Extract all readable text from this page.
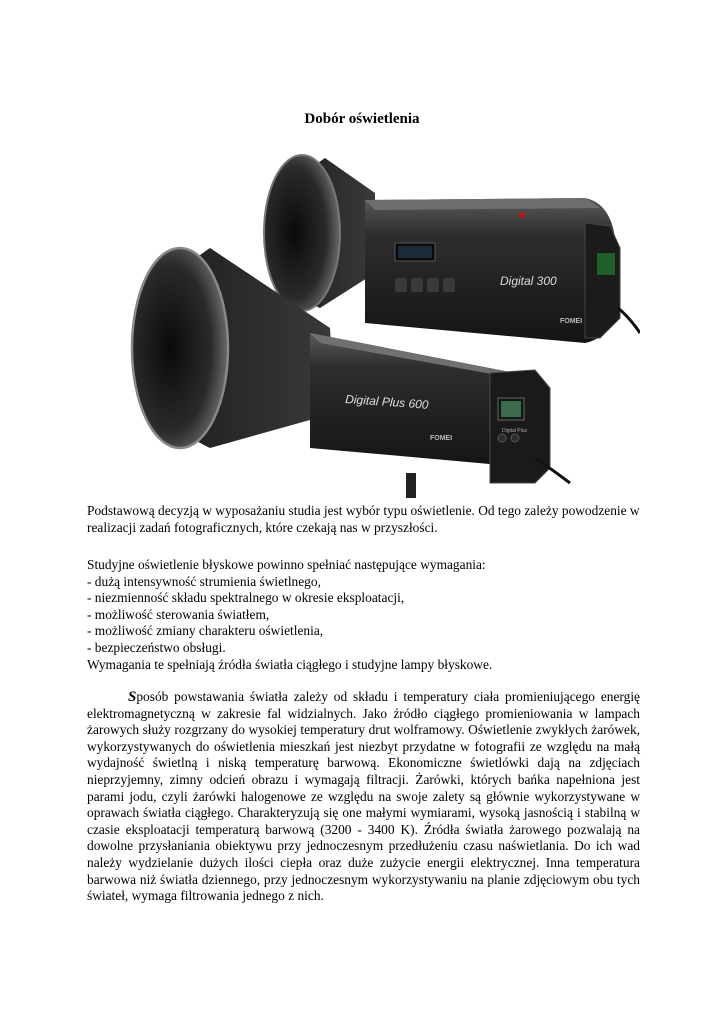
Dobór oświetlenia
Digital 300
FOMEI
Digital Plus 600
FOMEI
Digital Plus
Podstawową decyzją w wyposażaniu studia jest wybór typu oświetlenie. Od tego zależy powodzenie w realizacji zadań fotograficznych, które czekają nas w przyszłości.
Studyjne oświetlenie błyskowe powinno spełniać następujące wymagania:
- dużą intensywność strumienia świetlnego,
- niezmienność składu spektralnego w okresie eksploatacji,
- możliwość sterowania światłem,
- możliwość zmiany charakteru oświetlenia,
- bezpieczeństwo obsługi.
Wymagania te spełniają źródła światła ciągłego i studyjne lampy błyskowe.
Sposób powstawania światła zależy od składu i temperatury ciała promieniującego energię elektromagnetyczną w zakresie fal widzialnych. Jako źródło ciągłego promieniowania w lampach żarowych służy rozgrzany do wysokiej temperatury drut wolframowy. Oświetlenie zwykłych żarówek, wykorzystywanych do oświetlenia mieszkań jest niezbyt przydatne w fotografii ze względu na małą wydajność świetlną i niską temperaturę barwową. Ekonomiczne świetlówki dają na zdjęciach nieprzyjemny, zimny odcień obrazu i wymagają filtracji. Żarówki, których bańka napełniona jest parami jodu, czyli żarówki halogenowe ze względu na swoje zalety są głównie wykorzystywane w oprawach światła ciągłego. Charakteryzują się one małymi wymiarami, wysoką jasnością i stabilną w czasie eksploatacji temperaturą barwową (3200 - 3400 K). Źródła światła żarowego pozwalają na dowolne przysłaniania obiektywu przy jednoczesnym przedłużeniu czasu naświetlania. Do ich wad należy wydzielanie dużych ilości ciepła oraz duże zużycie energii elektrycznej. Inna temperatura barwowa niż światła dziennego, przy jednoczesnym wykorzystywaniu na planie zdjęciowym obu tych świateł, wymaga filtrowania jednego z nich.
